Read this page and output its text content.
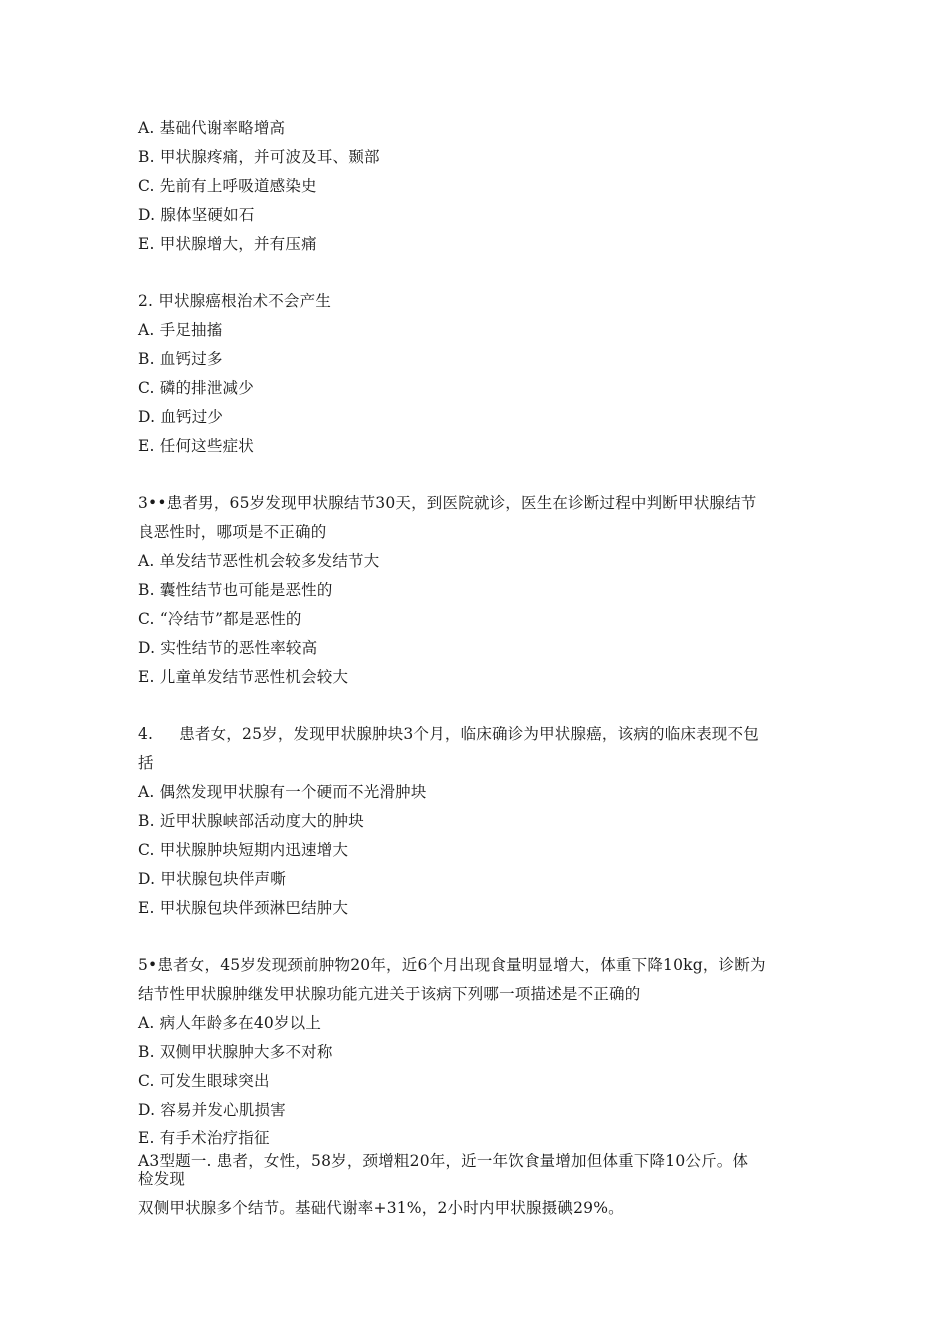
A. 基础代谢率略增高
B. 甲状腺疼痛，并可波及耳、颞部
C. 先前有上呼吸道感染史
D. 腺体坚硬如石
E. 甲状腺增大，并有压痛
2. 甲状腺癌根治术不会产生
A. 手足抽搐
B. 血钙过多
C. 磷的排泄减少
D. 血钙过少
E. 任何这些症状
3••患者男，65岁发现甲状腺结节30天，到医院就诊，医生在诊断过程中判断甲状腺结节
良恶性时，哪项是不正确的
A. 单发结节恶性机会较多发结节大
B. 囊性结节也可能是恶性的
C. “冷结节”都是恶性的
D. 实性结节的恶性率较高
E. 儿童单发结节恶性机会较大
4. 患者女，25岁，发现甲状腺肿块3个月，临床确诊为甲状腺癌，该病的临床表现不包
括
A. 偶然发现甲状腺有一个硬而不光滑肿块
B. 近甲状腺峡部活动度大的肿块
C. 甲状腺肿块短期内迅速增大
D. 甲状腺包块伴声嘶
E. 甲状腺包块伴颈淋巴结肿大
5•患者女，45岁发现颈前肿物20年，近6个月出现食量明显增大，体重下降10kg，诊断为
结节性甲状腺肿继发甲状腺功能亢进关于该病下列哪一项描述是不正确的
A. 病人年龄多在40岁以上
B. 双侧甲状腺肿大多不对称
C. 可发生眼球突出
D. 容易并发心肌损害
E. 有手术治疗指征
A3型题一. 患者，女性，58岁，颈增粗20年，近一年饮食量增加但体重下降10公斤。体
检发现
双侧甲状腺多个结节。基础代谢率+31%，2小时内甲状腺摄碘29%。
